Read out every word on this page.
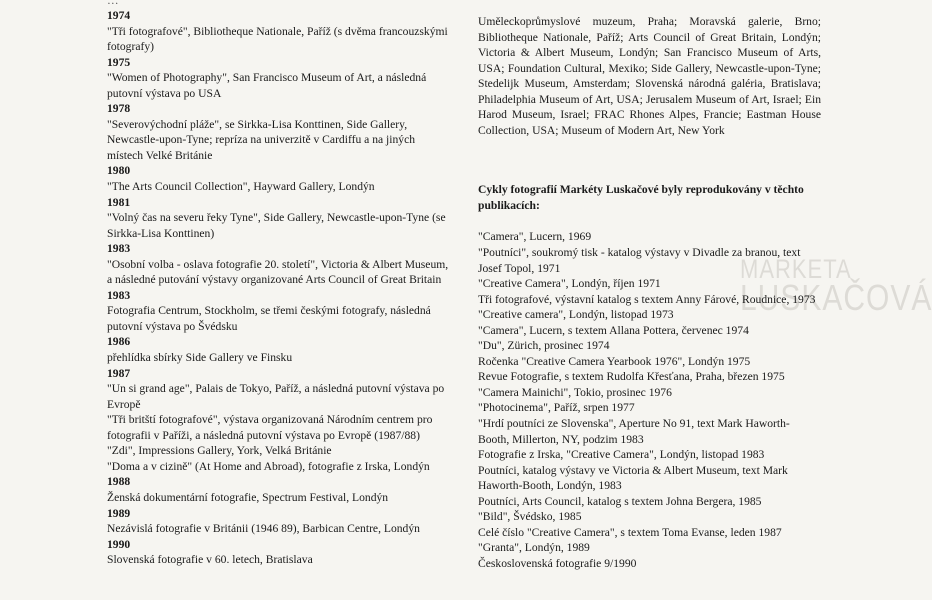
…
1974
"Tři fotografové", Bibliotheque Nationale, Paříž (s dvěma francouzskými fotografy)
1975
"Women of Photography", San Francisco Museum of Art, a následná putovní výstava po USA
1978
"Severovýchodní pláže", se Sirkka-Lisa Konttinen, Side Gallery, Newcastle-upon-Tyne; repríza na univerzitě v Cardiffu a na jiných místech Velké Británie
1980
"The Arts Council Collection", Hayward Gallery, Londýn
1981
"Volný čas na severu řeky Tyne", Side Gallery, Newcastle-upon-Tyne (se Sirkka-Lisa Konttinen)
1983
"Osobní volba - oslava fotografie 20. století", Victoria & Albert Museum, a následné putování výstavy organizované Arts Council of Great Britain
1983
Fotografia Centrum, Stockholm, se třemi českými fotografy, následná putovní výstava po Švédsku
1986
přehlídka sbírky Side Gallery ve Finsku
1987
"Un si grand age", Palais de Tokyo, Paříž, a následná putovní výstava po Evropě
"Tři britští fotografové", výstava organizovaná Národním centrem pro fotografii v Paříži, a následná putovní výstava po Evropě (1987/88)
"Zdi", Impressions Gallery, York, Velká Británie
"Doma a v cizině" (At Home and Abroad), fotografie z Irska, Londýn
1988
Ženská dokumentární fotografie, Spectrum Festival, Londýn
1989
Nezávislá fotografie v Británii (1946 89), Barbican Centre, Londýn
1990
Slovenská fotografie v 60. letech, Bratislava
MARKETA
LUSKAČOVÁ
Uměleckoprůmyslové muzeum, Praha; Moravská galerie, Brno; Bibliotheque Nationale, Paříž; Arts Council of Great Britain, Londýn; Victoria & Albert Museum, Londýn; San Francisco Museum of Arts, USA; Foundation Cultural, Mexiko; Side Gallery, Newcastle-upon-Tyne; Stedelijk Museum, Amsterdam; Slovenská národná galéria, Bratislava; Philadelphia Museum of Art, USA; Jerusalem Museum of Art, Israel; Ein Harod Museum, Israel; FRAC Rhones Alpes, Francie; Eastman House Collection, USA; Museum of Modern Art, New York
Cykly fotografií Markéty Luskačové byly reprodukovány v těchto publikacích:
"Camera", Lucern, 1969
"Poutníci", soukromý tisk - katalog výstavy v Divadle za branou, text Josef Topol, 1971
"Creative Camera", Londýn, říjen 1971
Tři fotografové, výstavní katalog s textem Anny Fárové, Roudnice, 1973
"Creative camera", Londýn, listopad 1973
"Camera", Lucern, s textem Allana Pottera, červenec 1974
"Du", Zürich, prosinec 1974
Ročenka "Creative Camera Yearbook 1976", Londýn 1975
Revue Fotografie, s textem Rudolfa Křesťana, Praha, březen 1975
"Camera Mainichi", Tokio, prosinec 1976
"Photocinema", Paříž, srpen 1977
"Hrdí poutníci ze Slovenska", Aperture No 91, text Mark Haworth-Booth, Millerton, NY, podzim 1983
Fotografie z Irska, "Creative Camera", Londýn, listopad 1983
Poutníci, katalog výstavy ve Victoria & Albert Museum, text Mark Haworth-Booth, Londýn, 1983
Poutníci, Arts Council, katalog s textem Johna Bergera, 1985
"Bild", Švédsko, 1985
Celé číslo "Creative Camera", s textem Toma Evanse, leden 1987
"Granta", Londýn, 1989
Československá fotografie 9/1990
